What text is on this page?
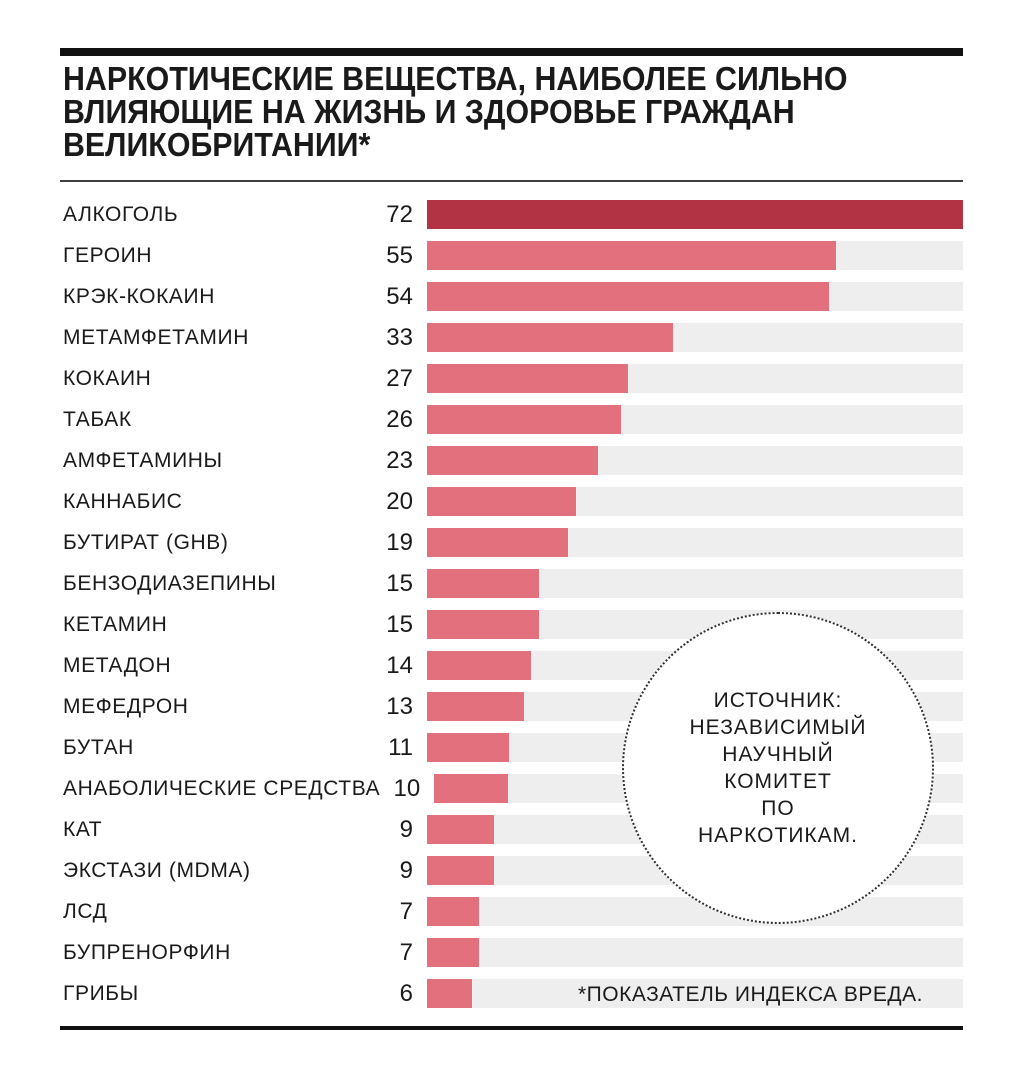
НАРКОТИЧЕСКИЕ ВЕЩЕСТВА, НАИБОЛЕЕ СИЛЬНО
ВЛИЯЮЩИЕ НА ЖИЗНЬ И ЗДОРОВЬЕ ГРАЖДАН
ВЕЛИКОБРИТАНИИ*
АЛКОГОЛЬ	72
ГЕРОИН	55
КРЭК-КОКАИН	54
МЕТАМФЕТАМИН	33
КОКАИН	27
ТАБАК	26
АМФЕТАМИНЫ	23
КАННАБИС	20
БУТИРАТ (GHB)	19
БЕНЗОДИАЗЕПИНЫ	15
КЕТАМИН	15
МЕТАДОН	14
МЕФЕДРОН	13
БУТАН	11
АНАБОЛИЧЕСКИЕ СРЕДСТВА 10
КАТ	9
ЭКСТАЗИ (MDMA)	9
ЛСД	7
БУПРЕНОРФИН	7
ГРИБЫ	6
ИСТОЧНИК:
НЕЗАВИСИМЫЙ
НАУЧНЫЙ
КОМИТЕТ
ПО
НАРКОТИКАМ.
*ПОКАЗАТЕЛЬ ИНДЕКСА ВРЕДА.
